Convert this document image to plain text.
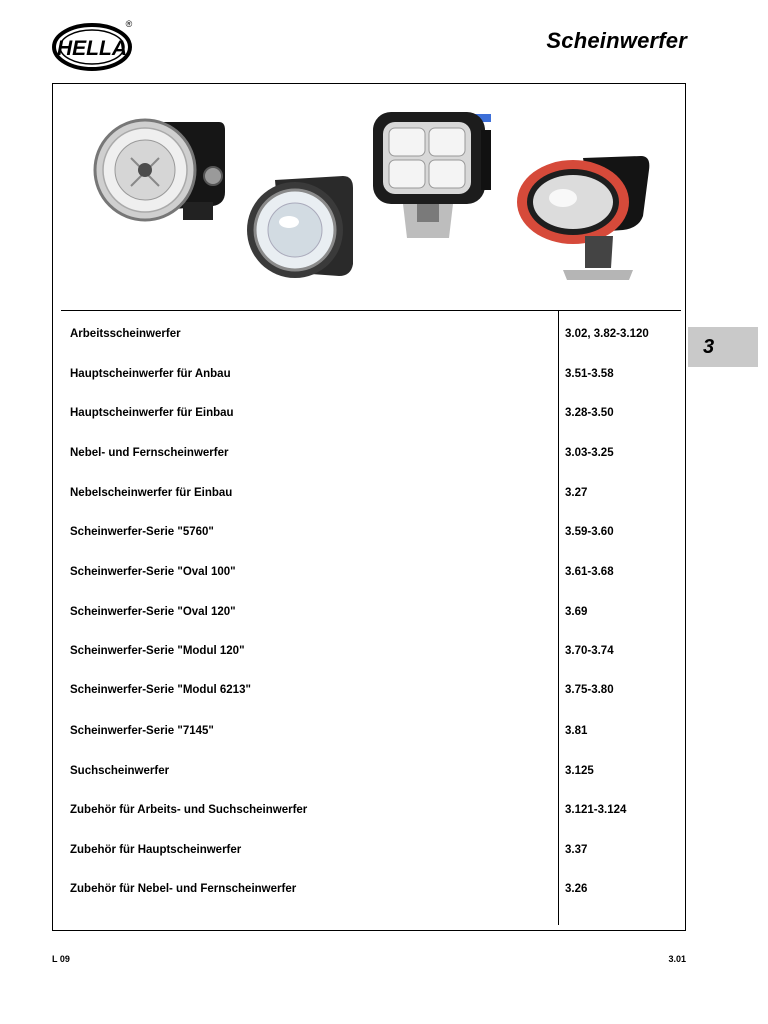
HELLA
®
Scheinwerfer
Arbeitsscheinwerfer	3.02, 3.82-3.120
Hauptscheinwerfer für Anbau	3.51-3.58
Hauptscheinwerfer für Einbau	3.28-3.50
Nebel- und Fernscheinwerfer	3.03-3.25
Nebelscheinwerfer für Einbau	3.27
Scheinwerfer-Serie "5760"	3.59-3.60
Scheinwerfer-Serie "Oval 100"	3.61-3.68
Scheinwerfer-Serie "Oval 120"	3.69
Scheinwerfer-Serie "Modul 120"	3.70-3.74
Scheinwerfer-Serie "Modul 6213"	3.75-3.80
Scheinwerfer-Serie "7145"	3.81
Suchscheinwerfer	3.125
Zubehör für Arbeits- und Suchscheinwerfer	3.121-3.124
Zubehör für Hauptscheinwerfer	3.37
Zubehör für Nebel- und Fernscheinwerfer	3.26
3
L 09	3.01
